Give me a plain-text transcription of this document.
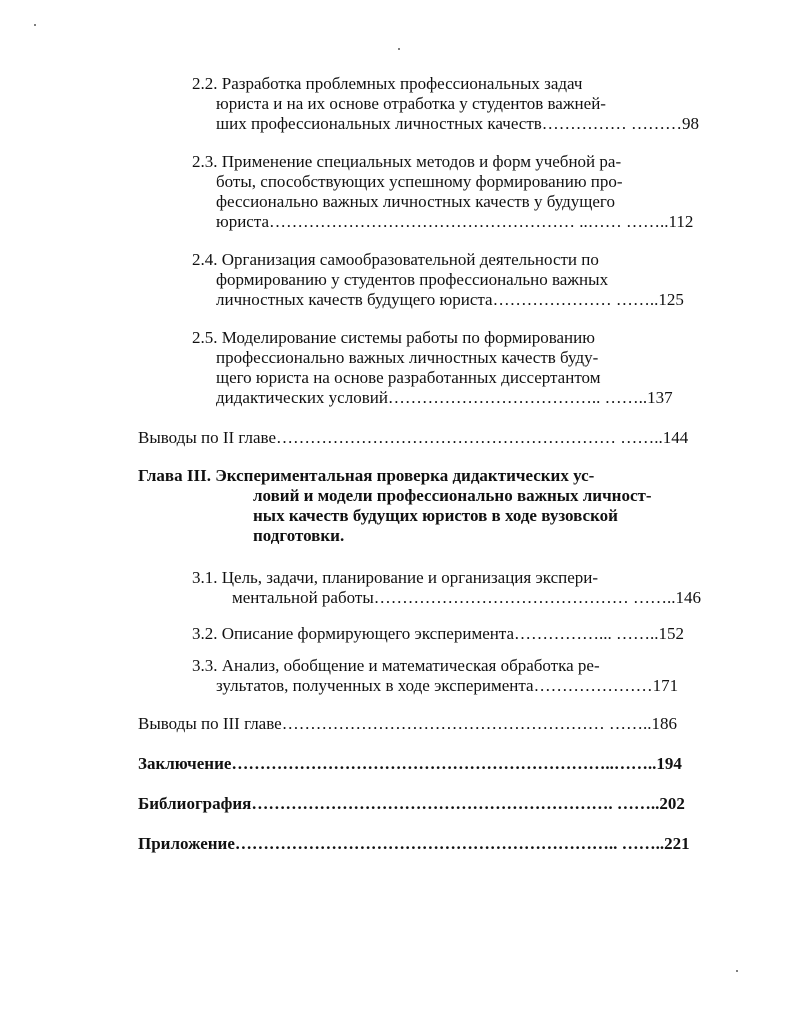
2.2. Разработка проблемных профессиональных задач
юриста и на их основе отработка у студентов важней-
ших профессиональных личностных качеств…………… ………98
2.3. Применение специальных методов и форм учебной ра-
боты, способствующих успешному формированию про-
фессионально важных личностных качеств у будущего
юриста……………………………………………… ..…… ……..112
2.4. Организация самообразовательной деятельности по
формированию у студентов профессионально важных
личностных качеств будущего юриста………………… ……..125
2.5. Моделирование системы работы по формированию
профессионально важных личностных качеств буду-
щего юриста на основе разработанных диссертантом
дидактических условий……………………………….. ……..137
Выводы по II главе…………………………………………………… ……..144
Глава III. Экспериментальная проверка дидактических ус-
ловий и модели профессионально важных личност-
ных качеств будущих юристов в ходе вузовской
подготовки.
3.1. Цель, задачи, планирование и организация экспери-
ментальной работы……………………………………… ……..146
3.2. Описание формирующего эксперимента……………... ……..152
3.3. Анализ, обобщение и математическая обработка ре-
зультатов, полученных в ходе эксперимента…………………171
Выводы по III главе………………………………………………… ……..186
Заключение…………………………………………………………..……..194
Библиография………………………………………………………. ……..202
Приложение………………………………………………………….. ……..221
